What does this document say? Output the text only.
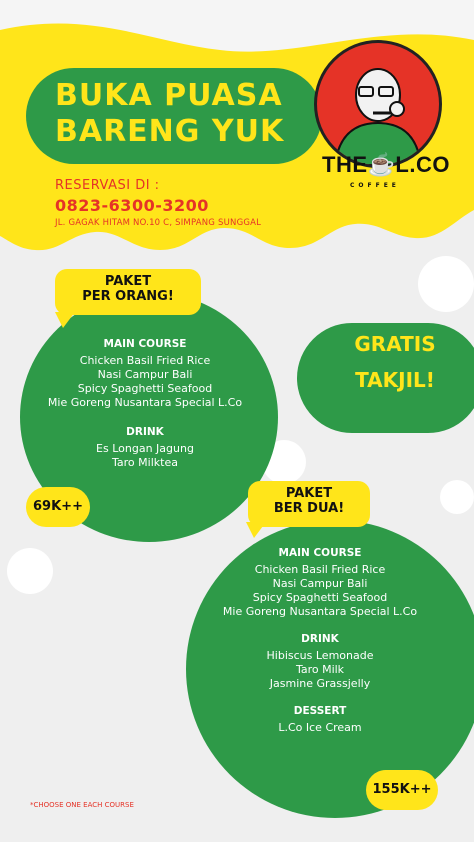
BUKA PUASA
BARENG YUK
THE☕L.CO
COFFEE
RESERVASI DI :
0823-6300-3200
JL. GAGAK HITAM NO.10 C, SIMPANG SUNGGAL
PAKET
PER ORANG!
MAIN COURSE
Chicken Basil Fried Rice
Nasi Campur Bali
Spicy Spaghetti Seafood
Mie Goreng Nusantara Special L.Co
DRINK
Es Longan Jagung
Taro Milktea
69K++
GRATIS
TAKJIL!
PAKET
BER DUA!
MAIN COURSE
Chicken Basil Fried Rice
Nasi Campur Bali
Spicy Spaghetti Seafood
Mie Goreng Nusantara Special L.Co
DRINK
Hibiscus Lemonade
Taro Milk
Jasmine Grassjelly
DESSERT
L.Co Ice Cream
155K++
*CHOOSE ONE EACH COURSE
